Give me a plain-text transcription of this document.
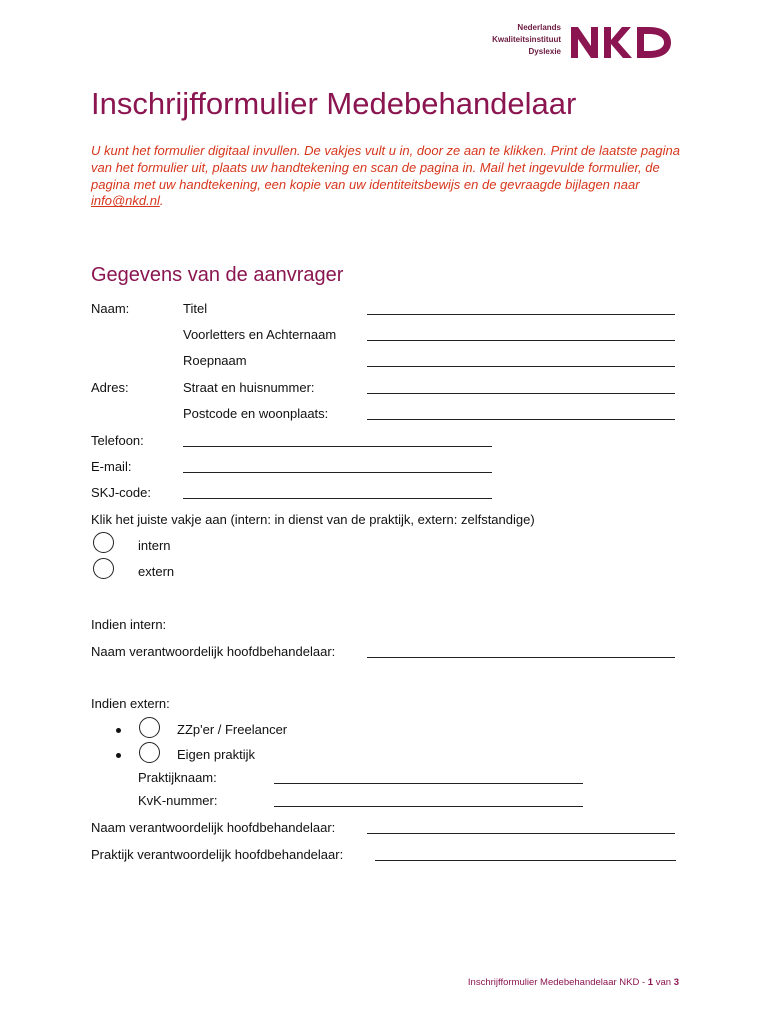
Nederlands
Kwaliteitsinstituut
Dyslexie
Inschrijfformulier Medebehandelaar

U kunt het formulier digitaal invullen. De vakjes vult u in, door ze aan te klikken. Print de laatste pagina van het formulier uit, plaats uw handtekening en scan de pagina in. Mail het ingevulde formulier, de pagina met uw handtekening, een kopie van uw identiteitsbewijs en de gevraagde bijlagen naar info@nkd.nl.

Gegevens van de aanvrager
Naam:	Titel
Voorletters en Achternaam
Roepnaam
Adres:	Straat en huisnummer:
Postcode en woonplaats:
Telefoon:
E-mail:
SKJ-code:
Klik het juiste vakje aan (intern: in dienst van de praktijk, extern: zelfstandige)
intern
extern
Indien intern:
Naam verantwoordelijk hoofdbehandelaar:
Indien extern:
ZZp'er / Freelancer
Eigen praktijk
Praktijknaam:
KvK-nummer:
Naam verantwoordelijk hoofdbehandelaar:
Praktijk verantwoordelijk hoofdbehandelaar:
Inschrijfformulier Medebehandelaar NKD - 1 van 3
